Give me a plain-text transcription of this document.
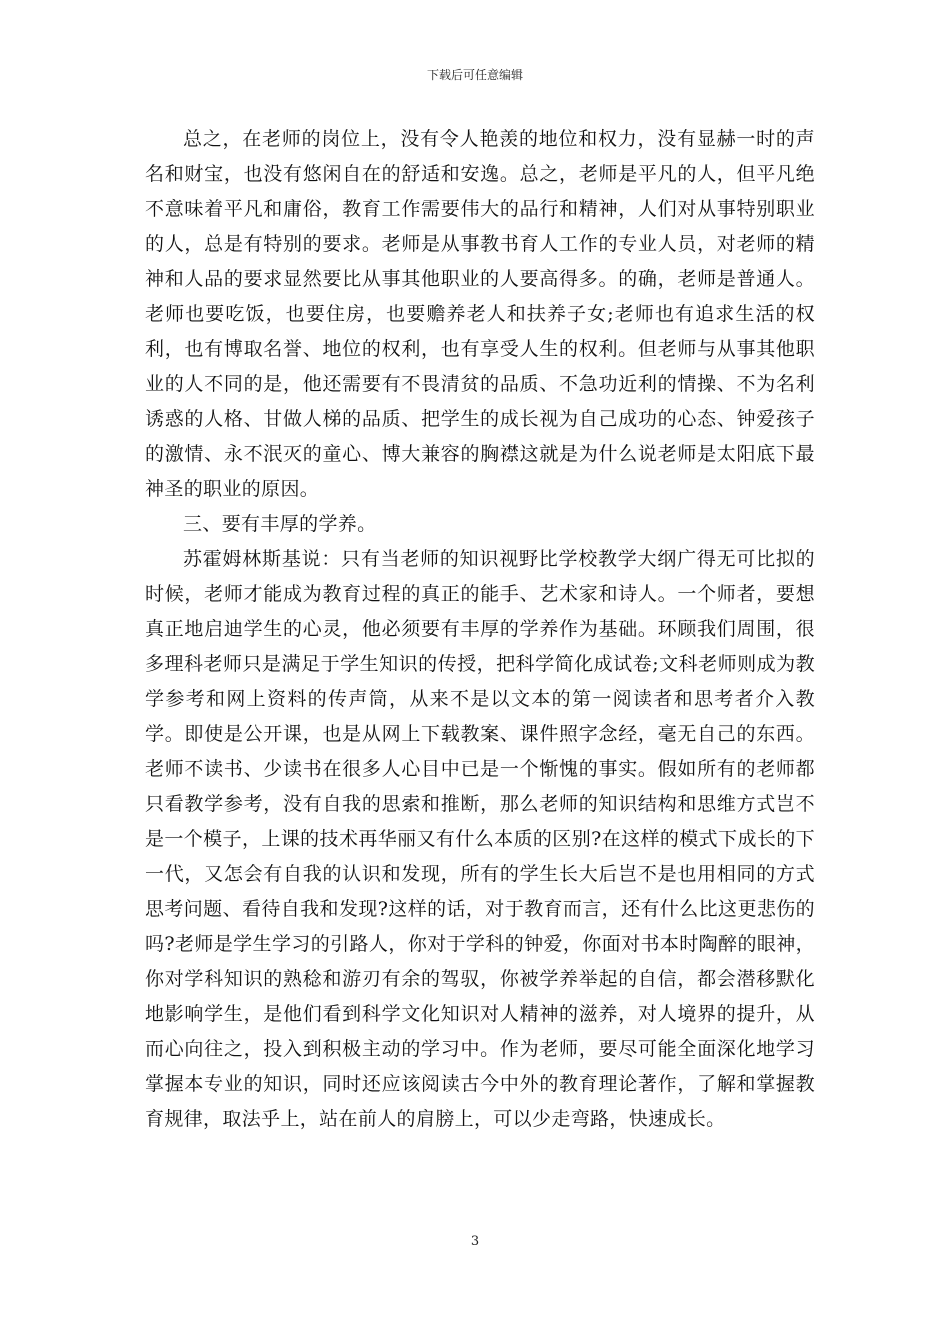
下载后可任意编辑

总之，在老师的岗位上，没有令人艳羡的地位和权力，没有显赫一时的声名和财宝，也没有悠闲自在的舒适和安逸。总之，老师是平凡的人，但平凡绝不意味着平凡和庸俗，教育工作需要伟大的品行和精神，人们对从事特别职业的人，总是有特别的要求。老师是从事教书育人工作的专业人员，对老师的精神和人品的要求显然要比从事其他职业的人要高得多。的确，老师是普通人。老师也要吃饭，也要住房，也要赡养老人和扶养子女;老师也有追求生活的权利，也有博取名誉、地位的权利，也有享受人生的权利。但老师与从事其他职业的人不同的是，他还需要有不畏清贫的品质、不急功近利的情操、不为名利诱惑的人格、甘做人梯的品质、把学生的成长视为自己成功的心态、钟爱孩子的激情、永不泯灭的童心、博大兼容的胸襟这就是为什么说老师是太阳底下最神圣的职业的原因。

三、要有丰厚的学养。

苏霍姆林斯基说：只有当老师的知识视野比学校教学大纲广得无可比拟的时候，老师才能成为教育过程的真正的能手、艺术家和诗人。一个师者，要想真正地启迪学生的心灵，他必须要有丰厚的学养作为基础。环顾我们周围，很多理科老师只是满足于学生知识的传授，把科学简化成试卷;文科老师则成为教学参考和网上资料的传声筒，从来不是以文本的第一阅读者和思考者介入教学。即使是公开课，也是从网上下载教案、课件照字念经，毫无自己的东西。老师不读书、少读书在很多人心目中已是一个惭愧的事实。假如所有的老师都只看教学参考，没有自我的思索和推断，那么老师的知识结构和思维方式岂不是一个模子，上课的技术再华丽又有什么本质的区别?在这样的模式下成长的下一代，又怎会有自我的认识和发现，所有的学生长大后岂不是也用相同的方式思考问题、看待自我和发现?这样的话，对于教育而言，还有什么比这更悲伤的吗?老师是学生学习的引路人，你对于学科的钟爱，你面对书本时陶醉的眼神，你对学科知识的熟稔和游刃有余的驾驭，你被学养举起的自信，都会潜移默化地影响学生，是他们看到科学文化知识对人精神的滋养，对人境界的提升，从而心向往之，投入到积极主动的学习中。作为老师，要尽可能全面深化地学习掌握本专业的知识，同时还应该阅读古今中外的教育理论著作，了解和掌握教育规律，取法乎上，站在前人的肩膀上，可以少走弯路，快速成长。

3
